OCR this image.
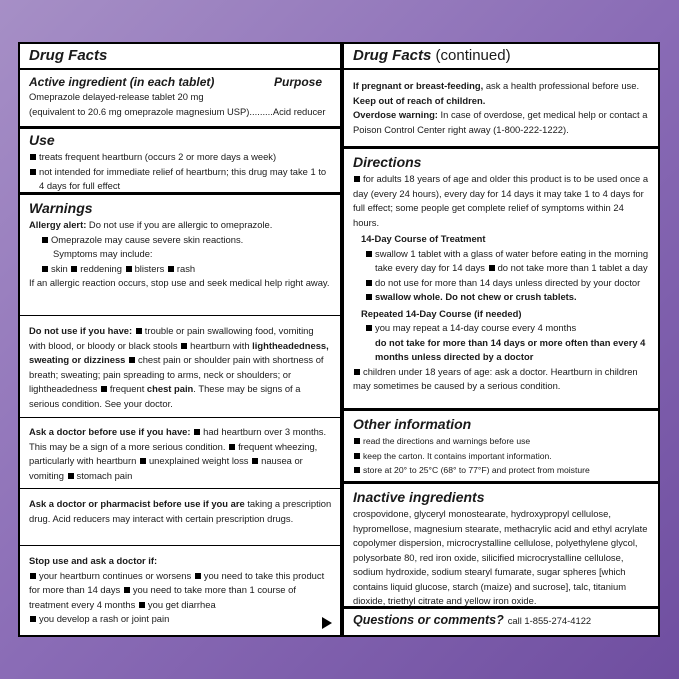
Drug Facts
Active ingredient (in each tablet)	Purpose

Omeprazole delayed-release tablet 20 mg

(equivalent to 20.6 mg omeprazole magnesium USP).........Acid reducer

Use

treats frequent heartburn (occurs 2 or more days a week)

not intended for immediate relief of heartburn; this drug may take 1 to 4 days for full effect

Warnings

Allergy alert: Do not use if you are allergic to omeprazole.

Omeprazole may cause severe skin reactions.

Symptoms may include:

skin reddening blisters rash

If an allergic reaction occurs, stop use and seek medical help right away.

Do not use if you have: trouble or pain swallowing food, vomiting with blood, or bloody or black stools heartburn with lightheadedness, sweating or dizziness chest pain or shoulder pain with shortness of breath; sweating; pain spreading to arms, neck or shoulders; or lightheadedness frequent chest pain. These may be signs of a serious condition. See your doctor.

Ask a doctor before use if you have: had heartburn over 3 months. This may be a sign of a more serious condition. frequent wheezing, particularly with heartburn unexplained weight loss nausea or vomiting stomach pain

Ask a doctor or pharmacist before use if you are taking a prescription drug. Acid reducers may interact with certain prescription drugs.

Stop use and ask a doctor if:

your heartburn continues or worsens you need to take this product for more than 14 days you need to take more than 1 course of treatment every 4 months you get diarrhea

you develop a rash or joint pain

Drug Facts (continued)

If pregnant or breast-feeding, ask a health professional before use.

Keep out of reach of children.

Overdose warning: In case of overdose, get medical help or contact a Poison Control Center right away (1-800-222-1222).

Directions

for adults 18 years of age and older this product is to be used once a day (every 24 hours), every day for 14 days it may take 1 to 4 days for full effect; some people get complete relief of symptoms within 24 hours.

14-Day Course of Treatment

swallow 1 tablet with a glass of water before eating in the morning take every day for 14 days do not take more than 1 tablet a day

do not use for more than 14 days unless directed by your doctor

swallow whole. Do not chew or crush tablets.

Repeated 14-Day Course (if needed)

you may repeat a 14-day course every 4 months

do not take for more than 14 days or more often than every 4 months unless directed by a doctor

children under 18 years of age: ask a doctor. Heartburn in children may sometimes be caused by a serious condition.

Other information

read the directions and warnings before use

keep the carton. It contains important information.

store at 20° to 25°C (68° to 77°F) and protect from moisture

Inactive ingredients

crospovidone, glyceryl monostearate, hydroxypropyl cellulose, hypromellose, magnesium stearate, methacrylic acid and ethyl acrylate copolymer dispersion, microcrystalline cellulose, polyethylene glycol, polysorbate 80, red iron oxide, silicified microcrystalline cellulose, sodium hydroxide, sodium stearyl fumarate, sugar spheres [which contains liquid glucose, starch (maize) and sucrose], talc, titanium dioxide, triethyl citrate and yellow iron oxide.

Questions or comments? call 1-855-274-4122
